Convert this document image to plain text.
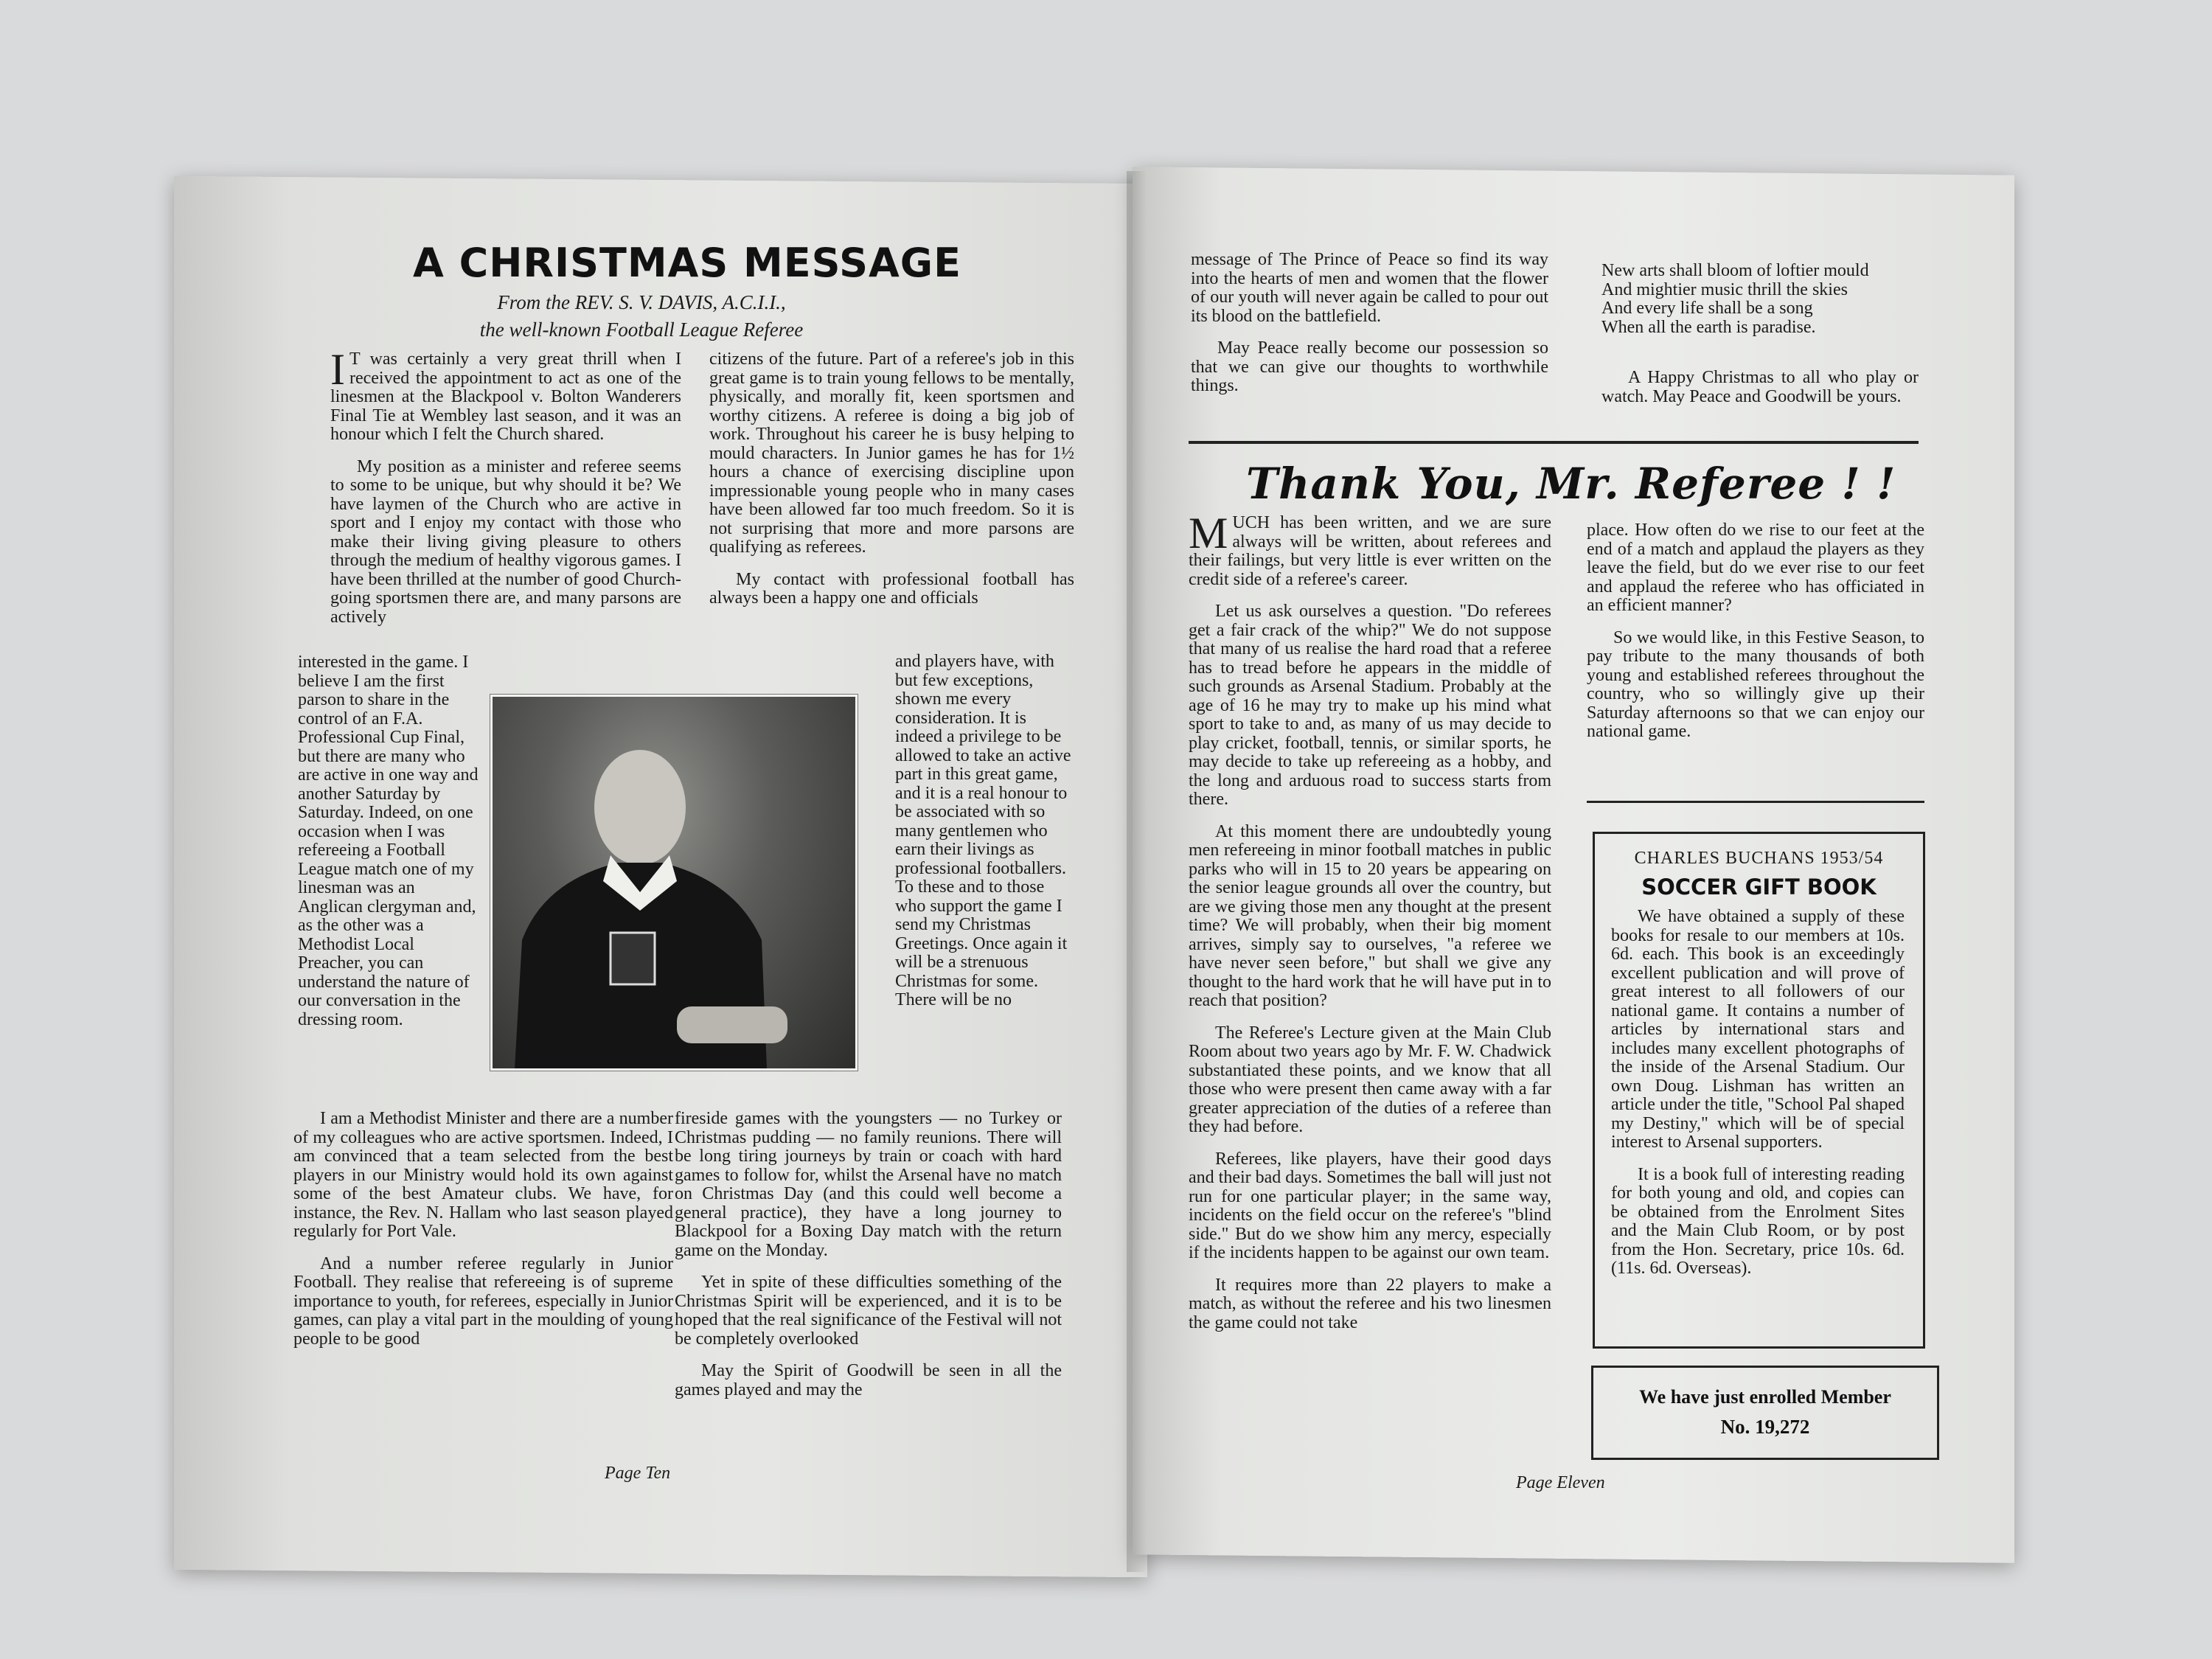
A CHRISTMAS MESSAGE
From the REV. S. V. DAVIS, A.C.I.I.,
the well-known Football League Referee

I T was certainly a very great thrill when I received the appointment to act as one of the linesmen at the Blackpool v. Bolton Wanderers Final Tie at Wembley last season, and it was an honour which I felt the Church shared.

My position as a minister and referee seems to some to be unique, but why should it be? We have laymen of the Church who are active in sport and I enjoy my contact with those who make their living giving pleasure to others through the medium of healthy vigorous games. I have been thrilled at the number of good Church-going sportsmen there are, and many parsons are actively

interested in the game. I believe I am the first parson to share in the control of an F.A. Professional Cup Final, but there are many who are active in one way and another Saturday by Saturday. Indeed, on one occasion when I was refereeing a Football League match one of my linesman was an Anglican clergyman and, as the other was a Methodist Local Preacher, you can understand the nature of our conversation in the dressing room.

I am a Methodist Minister and there are a number of my colleagues who are active sportsmen. Indeed, I am convinced that a team selected from the best players in our Ministry would hold its own against some of the best Amateur clubs. We have, for instance, the Rev. N. Hallam who last season played regularly for Port Vale.

And a number referee regularly in Junior Football. They realise that refereeing is of supreme importance to youth, for referees, especially in Junior games, can play a vital part in the moulding of young people to be good

citizens of the future. Part of a referee's job in this great game is to train young fellows to be mentally, physically, and morally fit, keen sportsmen and worthy citizens. A referee is doing a big job of work. Throughout his career he is busy helping to mould characters. In Junior games he has for 1½ hours a chance of exercising discipline upon impressionable young people who in many cases have been allowed far too much freedom. So it is not surprising that more and more parsons are qualifying as referees.

My contact with professional football has always been a happy one and officials

and players have, with but few exceptions, shown me every consideration. It is indeed a privilege to be allowed to take an active part in this great game, and it is a real honour to be associated with so many gentlemen who earn their livings as professional footballers. To these and to those who support the game I send my Christmas Greetings. Once again it will be a strenuous Christmas for some. There will be no

fireside games with the youngsters — no Turkey or Christmas pudding — no family reunions. There will be long tiring journeys by train or coach with hard games to follow for, whilst the Arsenal have no match on Christmas Day (and this could well become a general practice), they have a long journey to Blackpool for a Boxing Day match with the return game on the Monday.

Yet in spite of these difficulties something of the Christmas Spirit will be experienced, and it is to be hoped that the real significance of the Festival will not be completely overlooked

May the Spirit of Goodwill be seen in all the games played and may the

Page Ten

message of The Prince of Peace so find its way into the hearts of men and women that the flower of our youth will never again be called to pour out its blood on the battlefield.

May Peace really become our possession so that we can give our thoughts to worthwhile things.

New arts shall bloom of loftier mould

And mightier music thrill the skies

And every life shall be a song

When all the earth is paradise.

A Happy Christmas to all who play or watch. May Peace and Goodwill be yours.

Thank You, Mr. Referee ! !

MUCH has been written, and we are sure always will be written, about referees and their failings, but very little is ever written on the credit side of a referee's career.

Let us ask ourselves a question. "Do referees get a fair crack of the whip?" We do not suppose that many of us realise the hard road that a referee has to tread before he appears in the middle of such grounds as Arsenal Stadium. Probably at the age of 16 he may try to make up his mind what sport to take to and, as many of us may decide to play cricket, football, tennis, or similar sports, he may decide to take up refereeing as a hobby, and the long and arduous road to success starts from there.

At this moment there are undoubtedly young men refereeing in minor football matches in public parks who will in 15 to 20 years be appearing on the senior league grounds all over the country, but are we giving those men any thought at the present time? We will probably, when their big moment arrives, simply say to ourselves, "a referee we have never seen before," but shall we give any thought to the hard work that he will have put in to reach that position?

The Referee's Lecture given at the Main Club Room about two years ago by Mr. F. W. Chadwick substantiated these points, and we know that all those who were present then came away with a far greater appreciation of the duties of a referee than they had before.

Referees, like players, have their good days and their bad days. Sometimes the ball will just not run for one particular player; in the same way, incidents on the field occur on the referee's "blind side." But do we show him any mercy, especially if the incidents happen to be against our own team.

It requires more than 22 players to make a match, as without the referee and his two linesmen the game could not take

place. How often do we rise to our feet at the end of a match and applaud the players as they leave the field, but do we ever rise to our feet and applaud the referee who has officiated in an efficient manner?

So we would like, in this Festive Season, to pay tribute to the many thousands of both young and established referees throughout the country, who so willingly give up their Saturday afternoons so that we can enjoy our national game.

CHARLES BUCHANS 1953/54
SOCCER GIFT BOOK

We have obtained a supply of these books for resale to our members at 10s. 6d. each. This book is an exceedingly excellent publication and will prove of great interest to all followers of our national game. It contains a number of articles by international stars and includes many excellent photographs of the inside of the Arsenal Stadium. Our own Doug. Lishman has written an article under the title, "School Pal shaped my Destiny," which will be of special interest to Arsenal supporters.

It is a book full of interesting reading for both young and old, and copies can be obtained from the Enrolment Sites and the Main Club Room, or by post from the Hon. Secretary, price 10s. 6d. (11s. 6d. Overseas).

We have just enrolled Member
No. 19,272
Page Eleven
